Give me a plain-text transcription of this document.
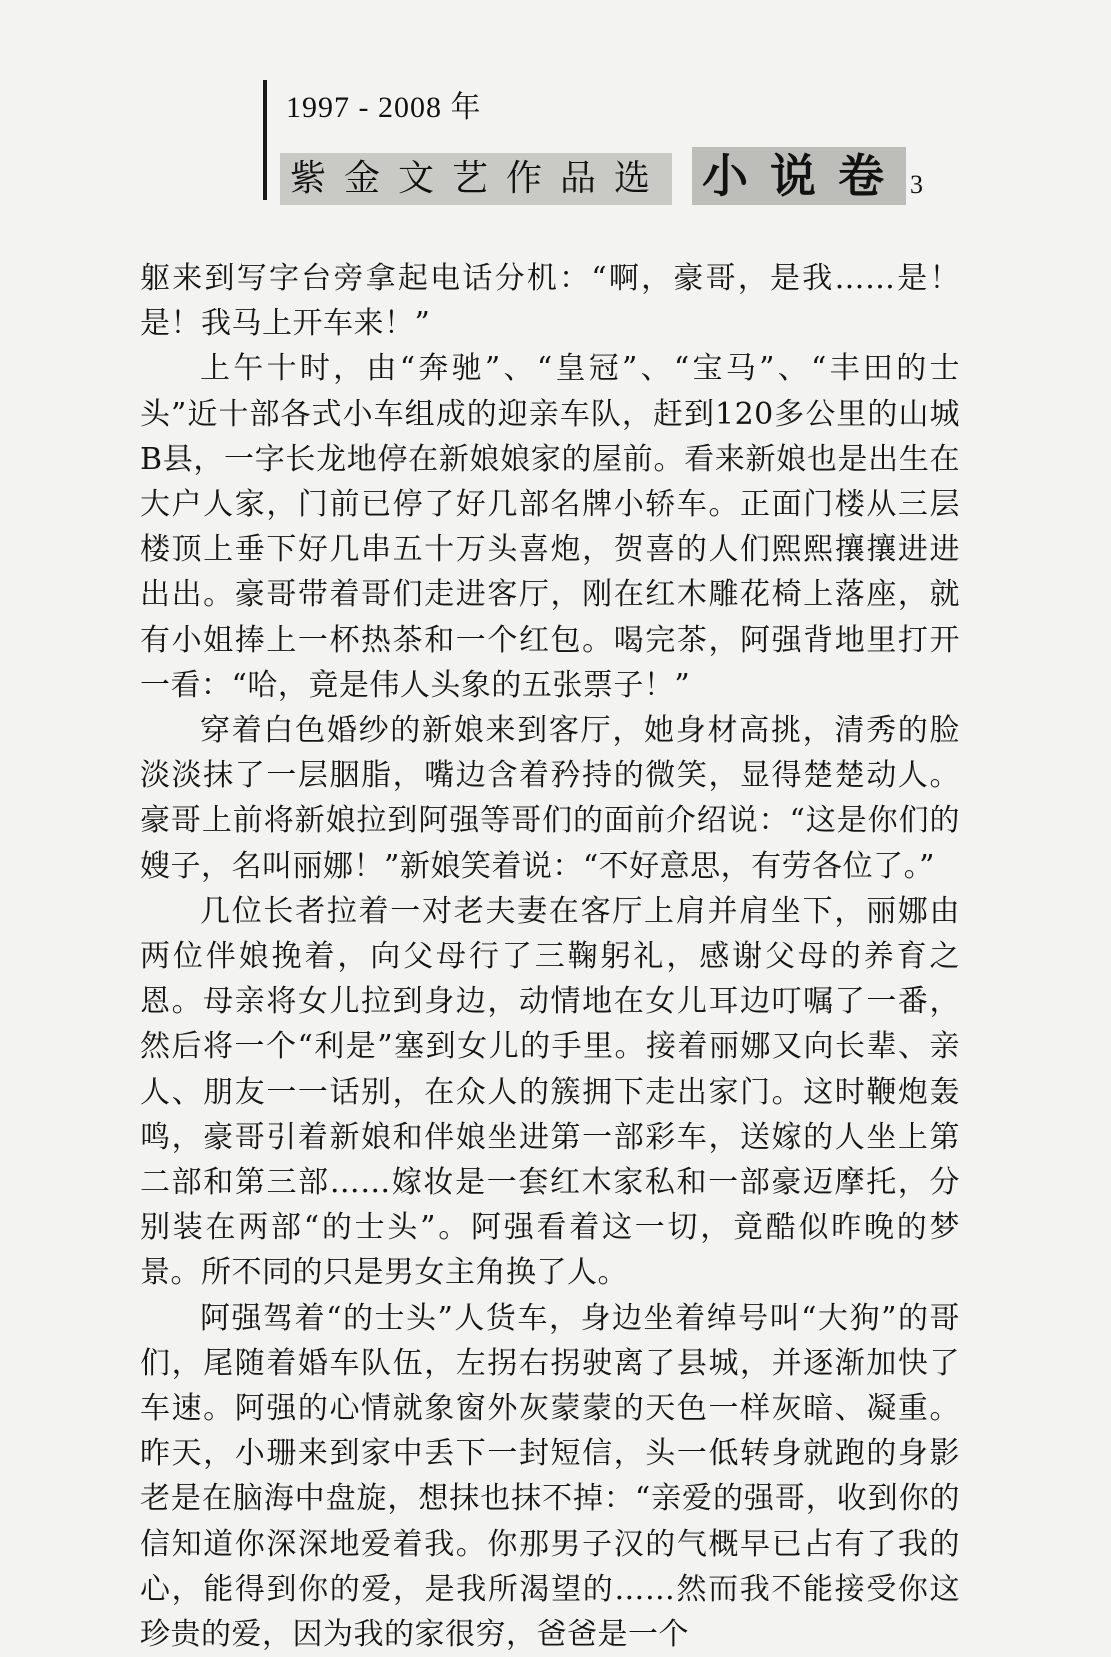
1997 - 2008 年
紫金文艺作品选 小说卷 3

躯来到写字台旁拿起电话分机：“啊，豪哥，是我……是！是！我马上开车来！”

上午十时，由“奔驰”、“皇冠”、“宝马”、“丰田的士头”近十部各式小车组成的迎亲车队，赶到120多公里的山城B县，一字长龙地停在新娘娘家的屋前。看来新娘也是出生在大户人家，门前已停了好几部名牌小轿车。正面门楼从三层楼顶上垂下好几串五十万头喜炮，贺喜的人们熙熙攘攘进进出出。豪哥带着哥们走进客厅，刚在红木雕花椅上落座，就有小姐捧上一杯热茶和一个红包。喝完茶，阿强背地里打开一看：“哈，竟是伟人头象的五张票子！”

穿着白色婚纱的新娘来到客厅，她身材高挑，清秀的脸淡淡抹了一层胭脂，嘴边含着矜持的微笑，显得楚楚动人。豪哥上前将新娘拉到阿强等哥们的面前介绍说：“这是你们的嫂子，名叫丽娜！”新娘笑着说：“不好意思，有劳各位了。”

几位长者拉着一对老夫妻在客厅上肩并肩坐下，丽娜由两位伴娘挽着，向父母行了三鞠躬礼，感谢父母的养育之恩。母亲将女儿拉到身边，动情地在女儿耳边叮嘱了一番，然后将一个“利是”塞到女儿的手里。接着丽娜又向长辈、亲人、朋友一一话别，在众人的簇拥下走出家门。这时鞭炮轰鸣，豪哥引着新娘和伴娘坐进第一部彩车，送嫁的人坐上第二部和第三部……嫁妆是一套红木家私和一部豪迈摩托，分别装在两部“的士头”。阿强看着这一切，竟酷似昨晚的梦景。所不同的只是男女主角换了人。

阿强驾着“的士头”人货车，身边坐着绰号叫“大狗”的哥们，尾随着婚车队伍，左拐右拐驶离了县城，并逐渐加快了车速。阿强的心情就象窗外灰蒙蒙的天色一样灰暗、凝重。昨天，小珊来到家中丢下一封短信，头一低转身就跑的身影老是在脑海中盘旋，想抹也抹不掉：“亲爱的强哥，收到你的信知道你深深地爱着我。你那男子汉的气概早已占有了我的心，能得到你的爱，是我所渴望的……然而我不能接受你这珍贵的爱，因为我的家很穷，爸爸是一个
